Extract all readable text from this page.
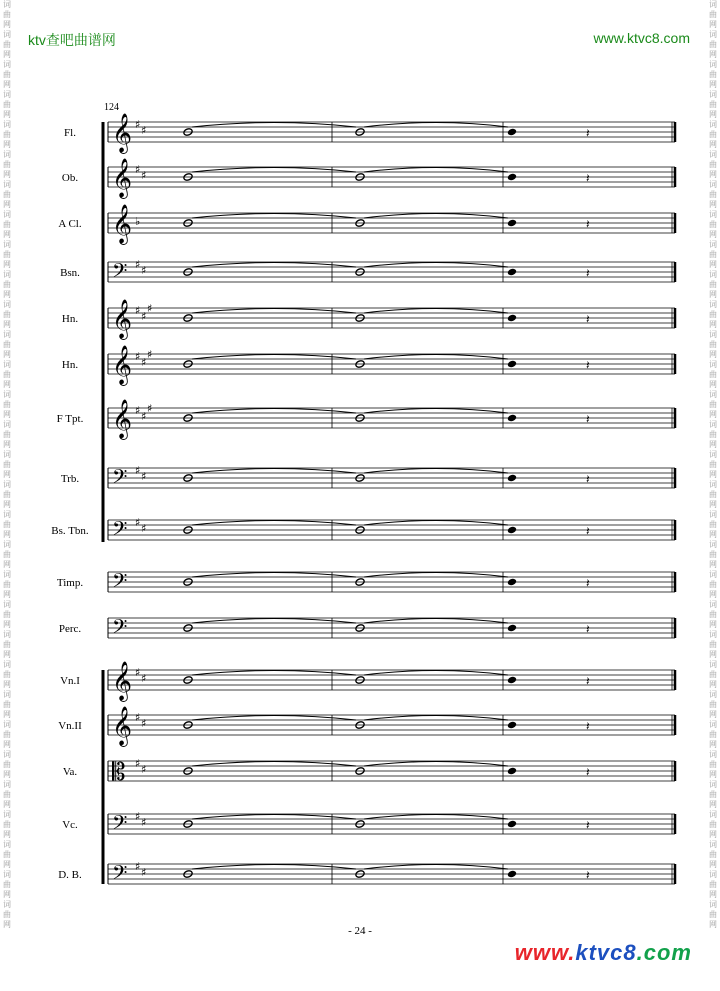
ktv查吧曲谱网	www.ktvc8.com
词曲网词曲网词曲网词曲网词曲网词曲网词曲网词曲网词曲网词曲网词曲网词曲网词曲网词曲网词曲网词曲网词曲网词曲网词曲网词曲网词曲网词曲网词曲网词曲网词曲网词曲网词曲网词曲网词曲网词曲网词曲网
词曲网词曲网词曲网词曲网词曲网词曲网词曲网词曲网词曲网词曲网词曲网词曲网词曲网词曲网词曲网词曲网词曲网词曲网词曲网词曲网词曲网词曲网词曲网词曲网词曲网词曲网词曲网词曲网词曲网词曲网词曲网
𝄞 ♯ ♯
𝄞 ♯ ♯
𝄞 ♭
𝄢 ♯ ♯
𝄞 ♯ ♯
♯
𝄞 ♯ ♯
♯
𝄞 ♯ ♯
♯
𝄢 ♯ ♯
𝄢 ♯ ♯
𝄢
𝄢
𝄞 ♯ ♯
𝄞 ♯ ♯
𝄡 ♯ ♯
𝄢 ♯ ♯
𝄢 ♯ ♯
Fl.
Ob.
A Cl.
Bsn.
Hn.
Hn.
F Tpt.
Trb.
Bs. Tbn.
Timp.
Perc.
Vn.I
Vn.II
Va.
Vc.
D. B.
𝄽
𝄽
𝄽
𝄽
𝄽
𝄽
𝄽
𝄽
𝄽
𝄽
𝄽
𝄽
𝄽
𝄽
𝄽
𝄽
124
- 24 -
www.ktvc8.com
